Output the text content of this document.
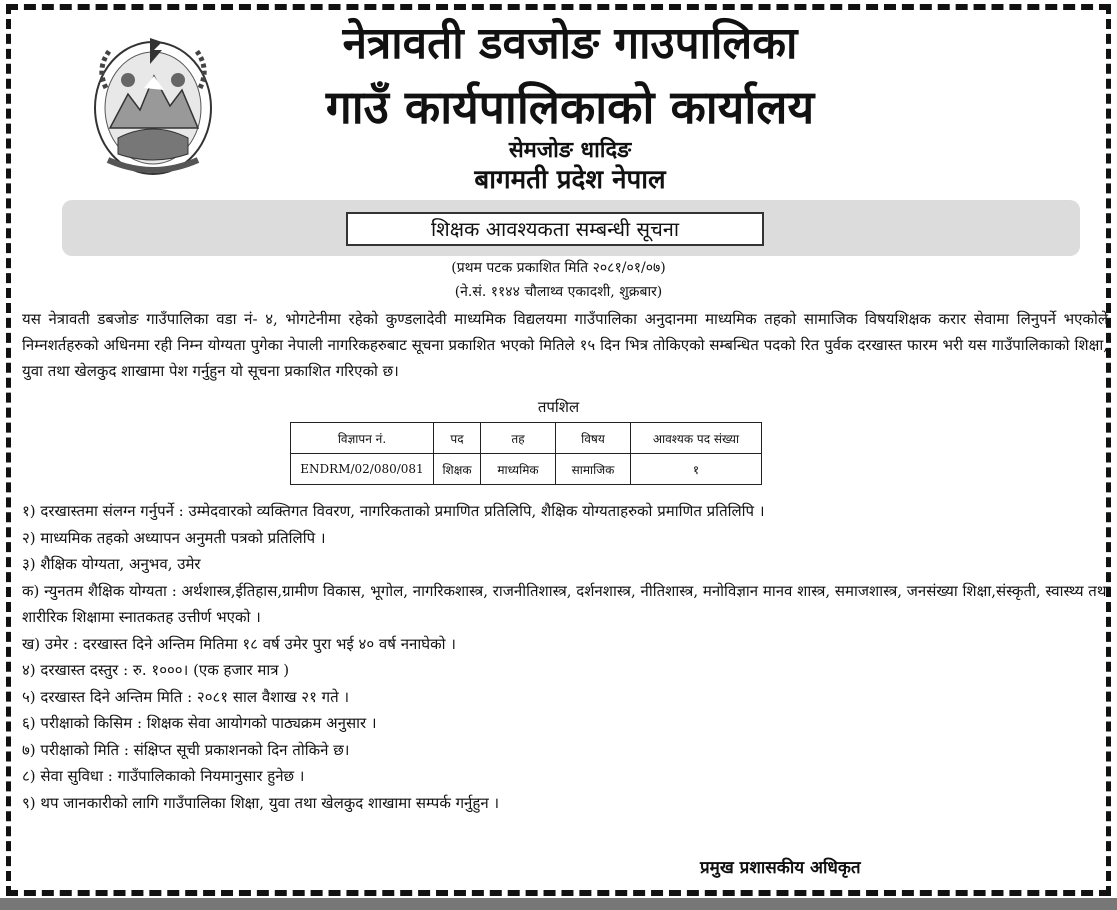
नेत्रावती डवजोङ गाउपालिका
गाउँ कार्यपालिकाको कार्यालय
सेमजोङ धादिङ
बागमती प्रदेश नेपाल
शिक्षक आवश्यकता सम्बन्धी सूचना
(प्रथम पटक प्रकाशित मिति २०८१/०१/०७)
(ने.सं. ११४४ चौलाथ्व एकादशी, शुक्रबार)
यस नेत्रावती डबजोङ गाउँपालिका वडा नं- ४, भोगटेनीमा रहेको कुण्डलादेवी माध्यमिक विद्यलयमा गाउँपालिका अनुदानमा माध्यमिक तहको सामाजिक विषयशिक्षक करार सेवामा लिनुपर्ने भएकोले निम्नशर्तहरुको अधिनमा रही निम्न योग्यता पुगेका नेपाली नागरिकहरुबाट सूचना प्रकाशित भएको मितिले १५ दिन भित्र तोकिएको सम्बन्धित पदको रित पुर्वक दरखास्त फारम भरी यस गाउँपालिकाको शिक्षा, युवा तथा खेलकुद शाखामा पेश गर्नुहुन यो सूचना प्रकाशित गरिएको छ।
तपशिल
विज्ञापन नं.	पद	तह	विषय	आवश्यक पद संख्या
ENDRM/02/080/081	शिक्षक	माध्यमिक	सामाजिक	१
१) दरखास्तमा संलग्न गर्नुपर्ने : उम्मेदवारको व्यक्तिगत विवरण, नागरिकताको प्रमाणित प्रतिलिपि, शैक्षिक योग्यताहरुको प्रमाणित प्रतिलिपि ।
२) माध्यमिक तहको अध्यापन अनुमती पत्रको प्रतिलिपि ।
३) शैक्षिक योग्यता, अनुभव, उमेर
क) न्युनतम शैक्षिक योग्यता : अर्थशास्त्र,ईतिहास,ग्रामीण विकास, भूगोल, नागरिकशास्त्र, राजनीतिशास्त्र, दर्शनशास्त्र, नीतिशास्त्र, मनोविज्ञान मानव शास्त्र, समाजशास्त्र, जनसंख्या शिक्षा,संस्कृती, स्वास्थ्य तथा शारीरिक शिक्षामा स्नातकतह उत्तीर्ण भएको ।
ख) उमेर : दरखास्त दिने अन्तिम मितिमा १८ वर्ष उमेर पुरा भई ४० वर्ष ननाघेको ।
४) दरखास्त दस्तुर : रु. १०००। (एक हजार मात्र )
५) दरखास्त दिने अन्तिम मिति : २०८१ साल वैशाख २१ गते ।
६) परीक्षाको किसिम : शिक्षक सेवा आयोगको पाठ्यक्रम अनुसार ।
७) परीक्षाको मिति : संक्षिप्त सूची प्रकाशनको दिन तोकिने छ।
८) सेवा सुविधा : गाउँपालिकाको नियमानुसार हुनेछ ।
९) थप जानकारीको लागि गाउँपालिका शिक्षा, युवा तथा खेलकुद शाखामा सम्पर्क गर्नुहुन ।
प्रमुख प्रशासकीय अधिकृत
